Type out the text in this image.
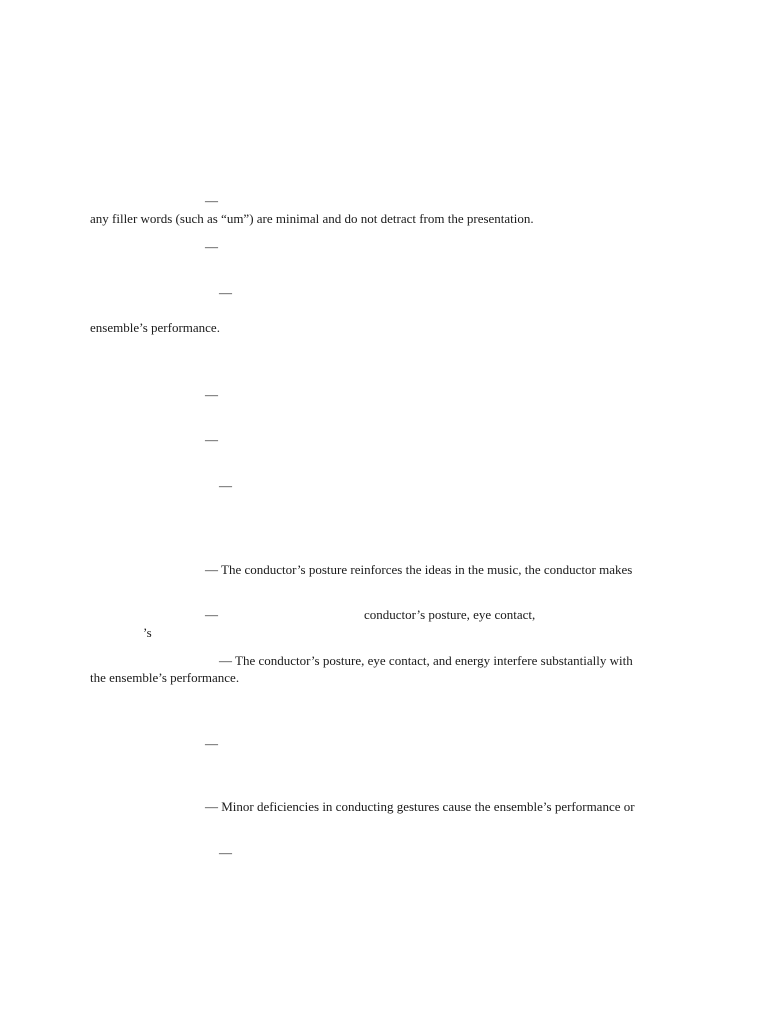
—
any filler words (such as “um”) are minimal and do not detract from the presentation.
—
—
ensemble’s performance.
—
—
—
— The conductor’s posture reinforces the ideas in the music, the conductor makes
—	conductor’s posture, eye contact,
’s
— The conductor’s posture, eye contact, and energy interfere substantially with
the ensemble’s performance.
—
— Minor deficiencies in conducting gestures cause the ensemble’s performance or
—
